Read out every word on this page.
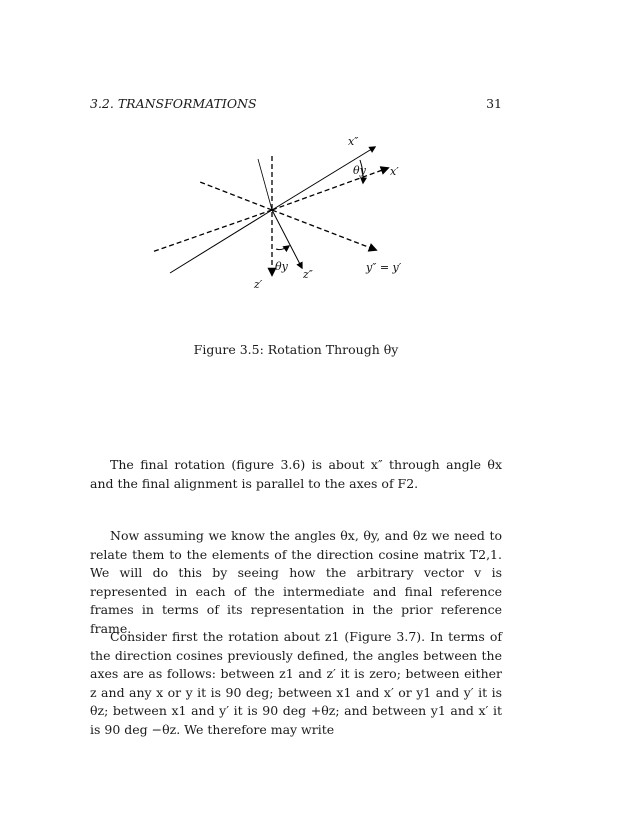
3.2. TRANSFORMATIONS	31
x″
x′
θy
θy	y″ = y′
z′
z″
Figure 3.5: Rotation Through θy

The final rotation (figure 3.6) is about x″ through angle θx and the final alignment is parallel to the axes of F2.

Now assuming we know the angles θx, θy, and θz we need to relate them to the elements of the direction cosine matrix T2,1. We will do this by seeing how the arbitrary vector v is represented in each of the intermediate and final reference frames in terms of its representation in the prior reference frame.

Consider first the rotation about z1 (Figure 3.7). In terms of the direction cosines previously defined, the angles between the axes are as follows: between z1 and z′ it is zero; between either z and any x or y it is 90 deg; between x1 and x′ or y1 and y′ it is θz; between x1 and y′ it is 90 deg +θz; and between y1 and x′ it is 90 deg −θz. We therefore may write
